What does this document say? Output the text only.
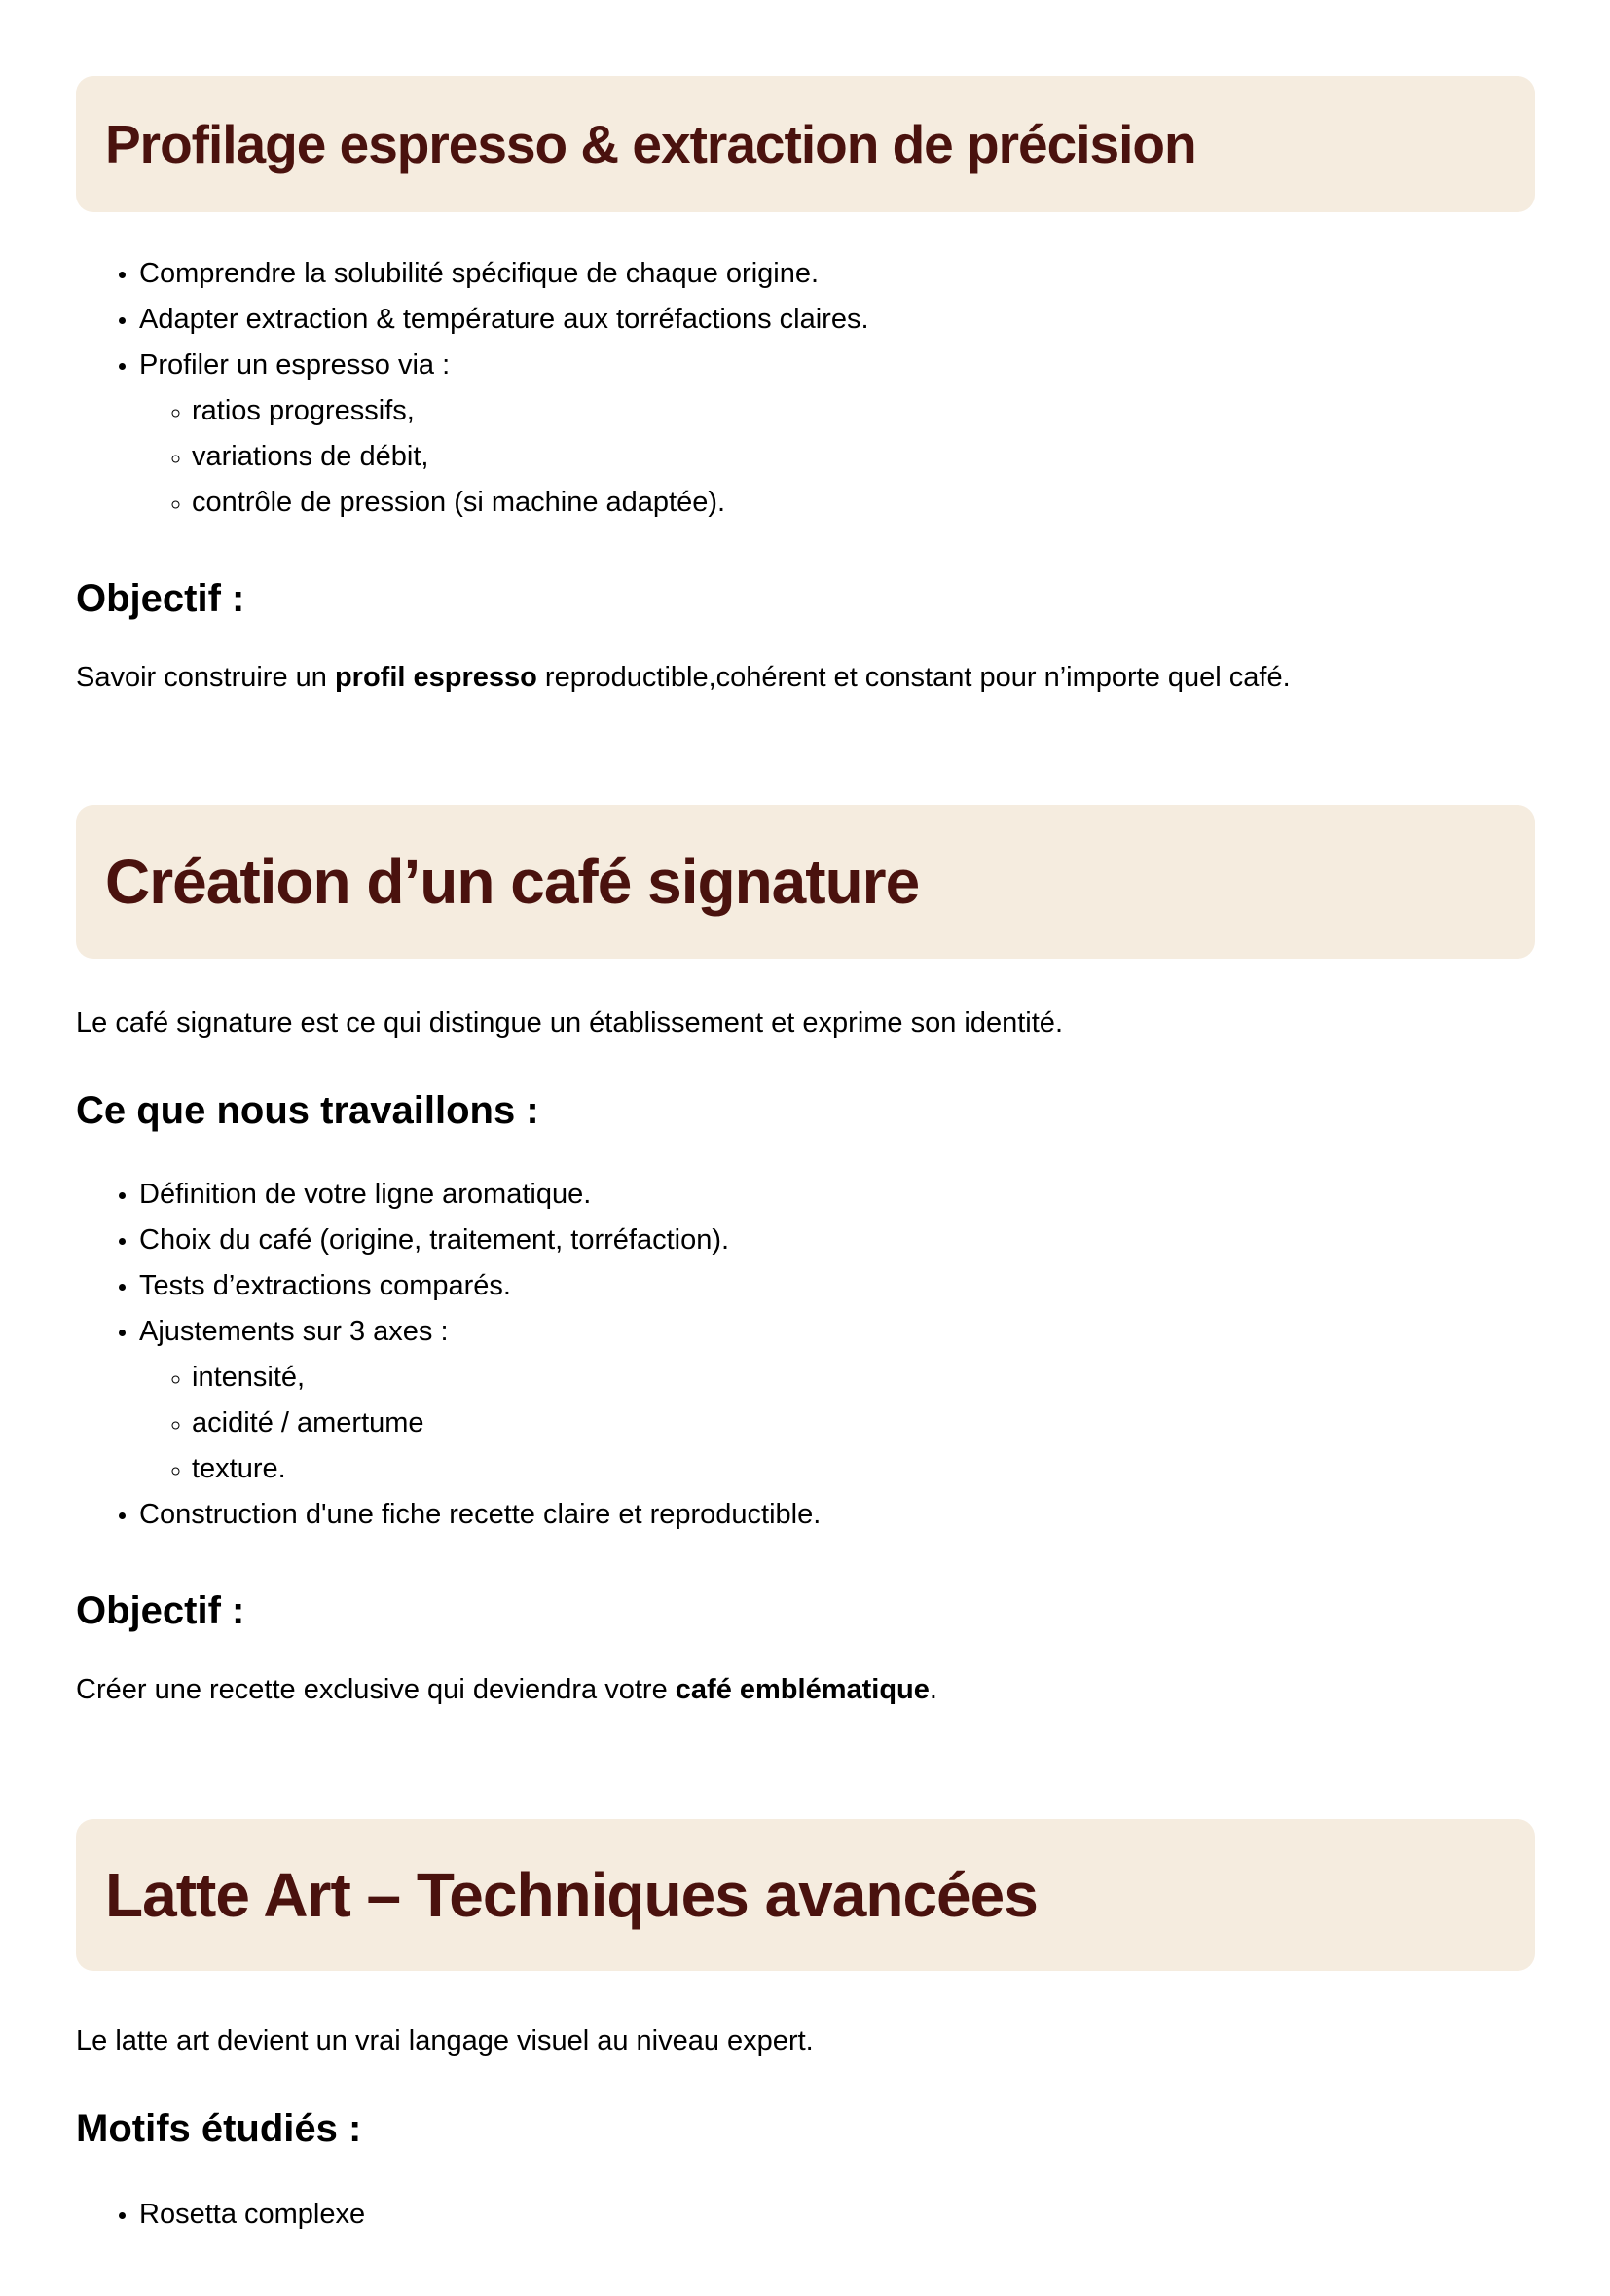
Profilage espresso & extraction de précision
• Comprendre la solubilité spécifique de chaque origine.
• Adapter extraction & température aux torréfactions claires.
• Profiler un espresso via :
◦ ratios progressifs,
◦ variations de débit,
◦ contrôle de pression (si machine adaptée).
Objectif :

Savoir construire un profil espresso reproductible,cohérent et constant pour n’importe quel café.

Création d’un café signature

Le café signature est ce qui distingue un établissement et exprime son identité.

Ce que nous travaillons :
• Définition de votre ligne aromatique.
• Choix du café (origine, traitement, torréfaction).
• Tests d’extractions comparés.
• Ajustements sur 3 axes :
◦ intensité,
◦ acidité / amertume
◦ texture.
• Construction d'une fiche recette claire et reproductible.
Objectif :

Créer une recette exclusive qui deviendra votre café emblématique.

Latte Art – Techniques avancées

Le latte art devient un vrai langage visuel au niveau expert.

Motifs étudiés :
• Rosetta complexe
